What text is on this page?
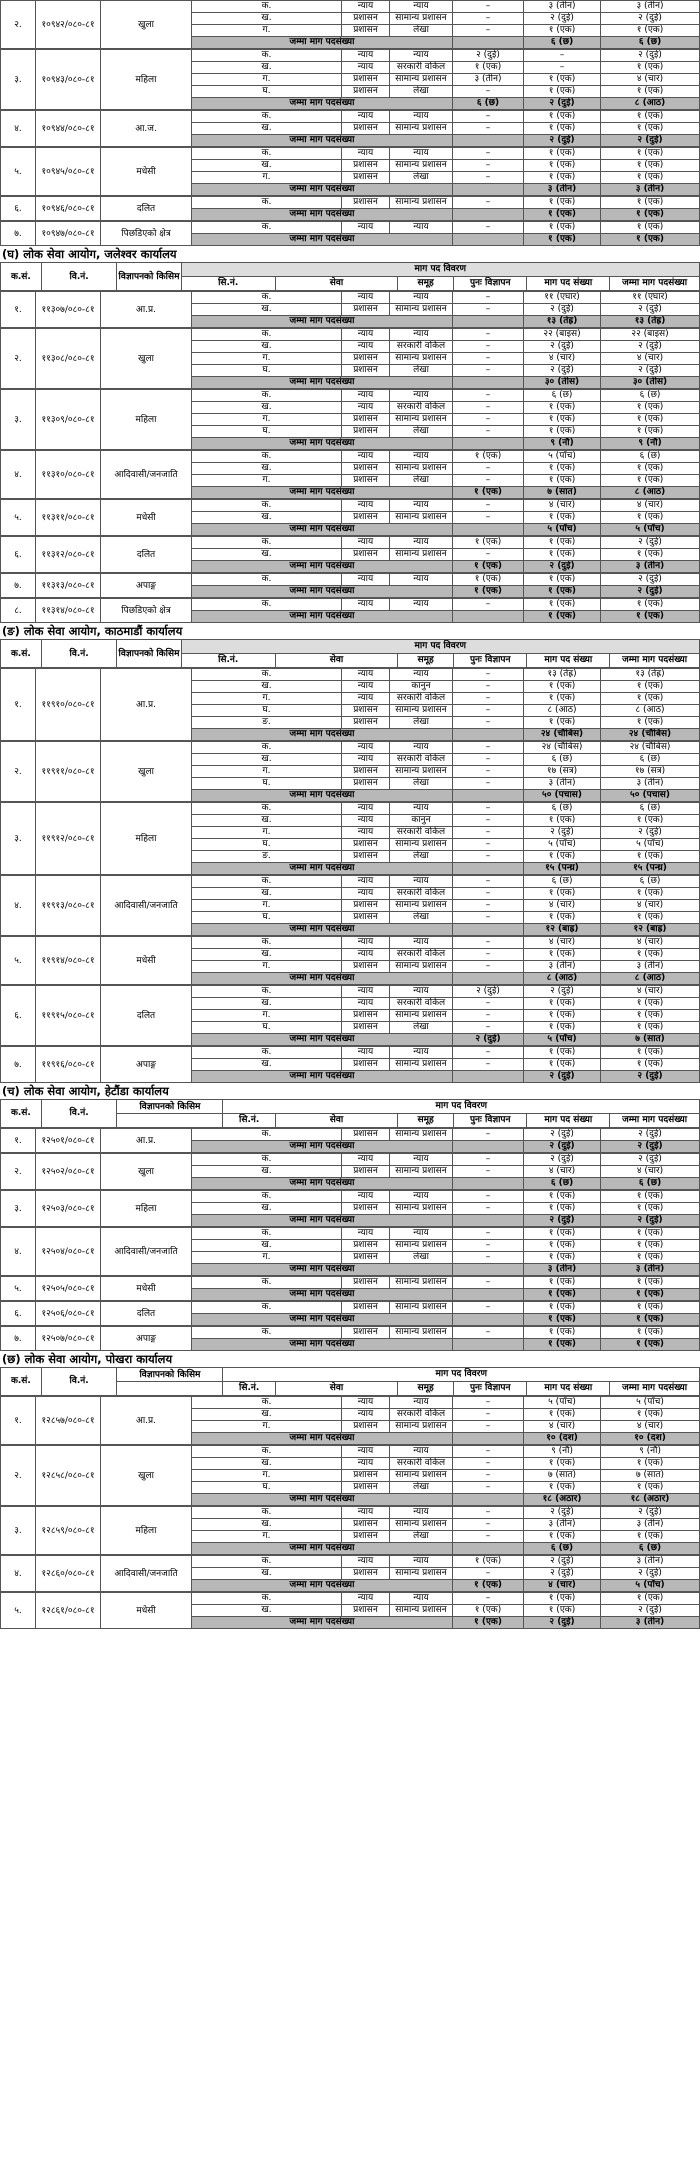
२.	१०९४२/०८०-८१	खुला	क.	न्याय	न्याय	–	३ (तीन)	३ (तीन)
			ख.	प्रशासन	सामान्य प्रशासन	–	२ (दुई)	२ (दुई)
			ग.	प्रशासन	लेखा	–	१ (एक)	१ (एक)
			जम्मा माग पदसंख्या				६ (छ)	६ (छ)
३.	१०९४३/०८०-८१	महिला	क.	न्याय	न्याय	२ (दुई)	–	२ (दुई)
			ख.	न्याय	सरकारी वकिल	१ (एक)	–	१ (एक)
			ग.	प्रशासन	सामान्य प्रशासन	३ (तीन)	१ (एक)	४ (चार)
			घ.	प्रशासन	लेखा	–	१ (एक)	१ (एक)
			जम्मा माग पदसंख्या			६ (छ)	२ (दुई)	८ (आठ)
४.	१०९४४/०८०-८१	आ.ज.	क.	न्याय	न्याय	–	१ (एक)	१ (एक)
			ख.	प्रशासन	सामान्य प्रशासन	–	१ (एक)	१ (एक)
			जम्मा माग पदसंख्या				२ (दुई)	२ (दुई)
५.	१०९४५/०८०-८१	मधेसी	क.	न्याय	न्याय	–	१ (एक)	१ (एक)
			ख.	प्रशासन	सामान्य प्रशासन	–	१ (एक)	१ (एक)
			ग.	प्रशासन	लेखा	–	१ (एक)	१ (एक)
			जम्मा माग पदसंख्या				३ (तीन)	३ (तीन)
६.	१०९४६/०८०-८१	दलित	क.	प्रशासन	सामान्य प्रशासन	–	१ (एक)	१ (एक)
			जम्मा माग पदसंख्या				१ (एक)	१ (एक)
७.	१०९४७/०८०-८१	पिछडिएको क्षेत्र	क.	न्याय	न्याय	–	१ (एक)	१ (एक)
			जम्मा माग पदसंख्या				१ (एक)	१ (एक)
(घ) लोक सेवा आयोग, जलेश्वर कार्यालय
क.सं.	वि.नं.	विज्ञापनको किसिम	माग पद विवरण					
			सि.नं.	सेवा	समूह	पुनः विज्ञापन	माग पद संख्या	जम्मा माग पदसंख्या
१.	११३०७/०८०-८१	आ.प्र.	क.	न्याय	न्याय	–	११ (एघार)	११ (एघार)
			ख.	प्रशासन	सामान्य प्रशासन	–	२ (दुई)	२ (दुई)
			जम्मा माग पदसंख्या				१३ (तेह्र)	१३ (तेह्र)
२.	११३०८/०८०-८१	खुला	क.	न्याय	न्याय	–	२२ (बाइस)	२२ (बाइस)
			ख.	न्याय	सरकारी वकिल	–	२ (दुई)	२ (दुई)
			ग.	प्रशासन	सामान्य प्रशासन	–	४ (चार)	४ (चार)
			घ.	प्रशासन	लेखा	–	२ (दुई)	२ (दुई)
			जम्मा माग पदसंख्या				३० (तीस)	३० (तीस)
३.	११३०९/०८०-८१	महिला	क.	न्याय	न्याय	–	६ (छ)	६ (छ)
			ख.	न्याय	सरकारी वकिल	–	१ (एक)	१ (एक)
			ग.	प्रशासन	सामान्य प्रशासन	–	१ (एक)	१ (एक)
			घ.	प्रशासन	लेखा	–	१ (एक)	१ (एक)
			जम्मा माग पदसंख्या				९ (नौ)	९ (नौ)
४.	११३१०/०८०-८१	आदिवासी/जनजाति	क.	न्याय	न्याय	१ (एक)	५ (पाँच)	६ (छ)
			ख.	प्रशासन	सामान्य प्रशासन	–	१ (एक)	१ (एक)
			ग.	प्रशासन	लेखा	–	१ (एक)	१ (एक)
			जम्मा माग पदसंख्या			१ (एक)	७ (सात)	८ (आठ)
५.	११३११/०८०-८१	मधेसी	क.	न्याय	न्याय	–	४ (चार)	४ (चार)
			ख.	प्रशासन	सामान्य प्रशासन	–	१ (एक)	१ (एक)
			जम्मा माग पदसंख्या				५ (पाँच)	५ (पाँच)
६.	११३१२/०८०-८१	दलित	क.	न्याय	न्याय	१ (एक)	१ (एक)	२ (दुई)
			ख.	प्रशासन	सामान्य प्रशासन	–	१ (एक)	१ (एक)
			जम्मा माग पदसंख्या			१ (एक)	२ (दुई)	३ (तीन)
७.	११३१३/०८०-८१	अपाङ्ग	क.	न्याय	न्याय	१ (एक)	१ (एक)	२ (दुई)
			जम्मा माग पदसंख्या			१ (एक)	१ (एक)	२ (दुई)
८.	११३१४/०८०-८१	पिछडिएको क्षेत्र	क.	न्याय	न्याय	–	१ (एक)	१ (एक)
			जम्मा माग पदसंख्या				१ (एक)	१ (एक)
(ङ) लोक सेवा आयोग, काठमाडौं कार्यालय
क.सं.	वि.नं.	विज्ञापनको किसिम	माग पद विवरण					
			सि.नं.	सेवा	समूह	पुनः विज्ञापन	माग पद संख्या	जम्मा माग पदसंख्या
१.	११९१०/०८०-८१	आ.प्र.	क.	न्याय	न्याय	–	१३ (तेह्र)	१३ (तेह्र)
			ख.	न्याय	कानुन	–	१ (एक)	१ (एक)
			ग.	न्याय	सरकारी वकिल	–	१ (एक)	१ (एक)
			घ.	प्रशासन	सामान्य प्रशासन	–	८ (आठ)	८ (आठ)
			ङ.	प्रशासन	लेखा	–	१ (एक)	१ (एक)
			जम्मा माग पदसंख्या				२४ (चौबिस)	२४ (चौबिस)
२.	११९११/०८०-८१	खुला	क.	न्याय	न्याय	–	२४ (चौबिस)	२४ (चौबिस)
			ख.	न्याय	सरकारी वकिल	–	६ (छ)	६ (छ)
			ग.	प्रशासन	सामान्य प्रशासन	–	१७ (सत्र)	१७ (सत्र)
			घ.	प्रशासन	लेखा	–	३ (तीन)	३ (तीन)
			जम्मा माग पदसंख्या				५० (पचास)	५० (पचास)
३.	११९१२/०८०-८१	महिला	क.	न्याय	न्याय	–	६ (छ)	६ (छ)
			ख.	न्याय	कानुन	–	१ (एक)	१ (एक)
			ग.	न्याय	सरकारी वकिल	–	२ (दुई)	२ (दुई)
			घ.	प्रशासन	सामान्य प्रशासन	–	५ (पाँच)	५ (पाँच)
			ङ.	प्रशासन	लेखा	–	१ (एक)	१ (एक)
			जम्मा माग पदसंख्या				१५ (पन्ध्र)	१५ (पन्ध्र)
४.	११९१३/०८०-८१	आदिवासी/जनजाति	क.	न्याय	न्याय	–	६ (छ)	६ (छ)
			ख.	न्याय	सरकारी वकिल	–	१ (एक)	१ (एक)
			ग.	प्रशासन	सामान्य प्रशासन	–	४ (चार)	४ (चार)
			घ.	प्रशासन	लेखा	–	१ (एक)	१ (एक)
			जम्मा माग पदसंख्या				१२ (बाह्र)	१२ (बाह्र)
५.	११९१४/०८०-८१	मधेसी	क.	न्याय	न्याय	–	४ (चार)	४ (चार)
			ख.	न्याय	सरकारी वकिल	–	१ (एक)	१ (एक)
			ग.	प्रशासन	सामान्य प्रशासन	–	३ (तीन)	३ (तीन)
			जम्मा माग पदसंख्या				८ (आठ)	८ (आठ)
६.	११९१५/०८०-८१	दलित	क.	न्याय	न्याय	२ (दुई)	२ (दुई)	४ (चार)
			ख.	न्याय	सरकारी वकिल	–	१ (एक)	१ (एक)
			ग.	प्रशासन	सामान्य प्रशासन	–	१ (एक)	१ (एक)
			घ.	प्रशासन	लेखा	–	१ (एक)	१ (एक)
			जम्मा माग पदसंख्या			२ (दुई)	५ (पाँच)	७ (सात)
७.	११९१६/०८०-८१	अपाङ्ग	क.	न्याय	न्याय	–	१ (एक)	१ (एक)
			ख.	प्रशासन	सामान्य प्रशासन	–	१ (एक)	१ (एक)
			जम्मा माग पदसंख्या				२ (दुई)	२ (दुई)
(च) लोक सेवा आयोग, हेटौंडा कार्यालय
क.सं.	वि.नं.	विज्ञापनको किसिम	माग पद विवरण					
			सि.नं.	सेवा	समूह	पुनः विज्ञापन	माग पद संख्या	जम्मा माग पदसंख्या
१.	१२५०१/०८०-८१	आ.प्र.	क.	प्रशासन	सामान्य प्रशासन	–	२ (दुई)	२ (दुई)
			जम्मा माग पदसंख्या				२ (दुई)	२ (दुई)
२.	१२५०२/०८०-८१	खुला	क.	न्याय	न्याय	–	२ (दुई)	२ (दुई)
			ख.	प्रशासन	सामान्य प्रशासन	–	४ (चार)	४ (चार)
			जम्मा माग पदसंख्या				६ (छ)	६ (छ)
३.	१२५०३/०८०-८१	महिला	क.	न्याय	न्याय	–	१ (एक)	१ (एक)
			ख.	प्रशासन	सामान्य प्रशासन	–	१ (एक)	१ (एक)
			जम्मा माग पदसंख्या				२ (दुई)	२ (दुई)
४.	१२५०४/०८०-८१	आदिवासी/जनजाति	क.	न्याय	न्याय	–	१ (एक)	१ (एक)
			ख.	प्रशासन	सामान्य प्रशासन	–	१ (एक)	१ (एक)
			ग.	प्रशासन	लेखा	–	१ (एक)	१ (एक)
			जम्मा माग पदसंख्या				३ (तीन)	३ (तीन)
५.	१२५०५/०८०-८१	मधेसी	क.	प्रशासन	सामान्य प्रशासन	–	१ (एक)	१ (एक)
			जम्मा माग पदसंख्या				१ (एक)	१ (एक)
६.	१२५०६/०८०-८१	दलित	क.	प्रशासन	सामान्य प्रशासन	–	१ (एक)	१ (एक)
			जम्मा माग पदसंख्या				१ (एक)	१ (एक)
७.	१२५०७/०८०-८१	अपाङ्ग	क.	प्रशासन	सामान्य प्रशासन	–	१ (एक)	१ (एक)
			जम्मा माग पदसंख्या				१ (एक)	१ (एक)
(छ) लोक सेवा आयोग, पोखरा कार्यालय
क.सं.	वि.नं.	विज्ञापनको किसिम	माग पद विवरण					
			सि.नं.	सेवा	समूह	पुनः विज्ञापन	माग पद संख्या	जम्मा माग पदसंख्या
१.	१२८५७/०८०-८१	आ.प्र.	क.	न्याय	न्याय	–	५ (पाँच)	५ (पाँच)
			ख.	न्याय	सरकारी वकिल	–	१ (एक)	१ (एक)
			ग.	प्रशासन	सामान्य प्रशासन	–	४ (चार)	४ (चार)
			जम्मा माग पदसंख्या				१० (दश)	१० (दश)
२.	१२८५८/०८०-८१	खुला	क.	न्याय	न्याय	–	९ (नौ)	९ (नौ)
			ख.	न्याय	सरकारी वकिल	–	१ (एक)	१ (एक)
			ग.	प्रशासन	सामान्य प्रशासन	–	७ (सात)	७ (सात)
			घ.	प्रशासन	लेखा	–	१ (एक)	१ (एक)
			जम्मा माग पदसंख्या				१८ (अठार)	१८ (अठार)
३.	१२८५९/०८०-८१	महिला	क.	न्याय	न्याय	–	२ (दुई)	२ (दुई)
			ख.	प्रशासन	सामान्य प्रशासन	–	३ (तीन)	३ (तीन)
			ग.	प्रशासन	लेखा	–	१ (एक)	१ (एक)
			जम्मा माग पदसंख्या				६ (छ)	६ (छ)
४.	१२८६०/०८०-८१	आदिवासी/जनजाति	क.	न्याय	न्याय	१ (एक)	२ (दुई)	३ (तीन)
			ख.	प्रशासन	सामान्य प्रशासन	–	२ (दुई)	२ (दुई)
			जम्मा माग पदसंख्या			१ (एक)	४ (चार)	५ (पाँच)
५.	१२८६१/०८०-८१	मधेसी	क.	न्याय	न्याय	–	१ (एक)	१ (एक)
			ख.	प्रशासन	सामान्य प्रशासन	१ (एक)	१ (एक)	२ (दुई)
			जम्मा माग पदसंख्या			१ (एक)	२ (दुई)	३ (तीन)
